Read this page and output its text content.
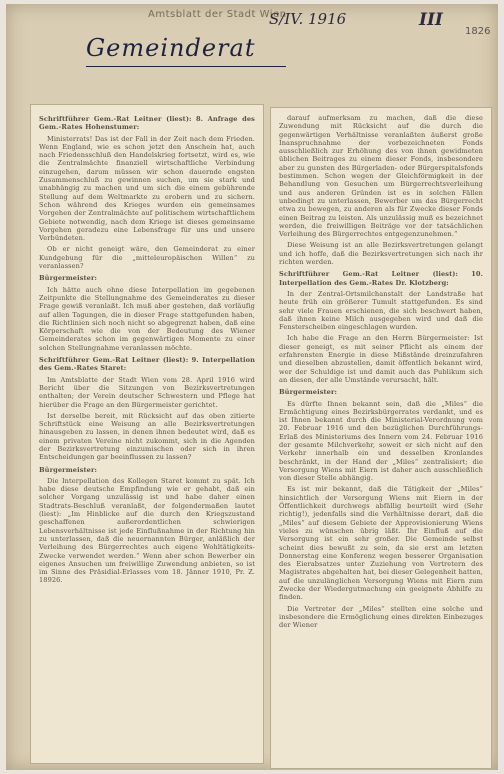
Amtsblatt der Stadt Wien
S/IV. 1916	III
1826
Gemeinderat

Schriftführer Gem.-Rat Leitner (liest): 8. Anfrage des Gem.-Rates Hohenstumer:

Ministerrats! Das ist der Fall in der Zeit nach dem Frieden. Wenn England, wie es schon jetzt den Anschein hat, auch nach Friedensschluß den Handelskrieg fortsetzt, wird es, wie die Zentralmächte finanziell wirtschaftliche Verbindung einzugehen, darum müssen wir schon dauernde engsten Zusammenschluß zu gewinnen suchen, um sie stark und unabhängig zu machen und um sich die einem gebührende Stellung auf dem Weltmarkte zu erobern und zu sichern. Schon während des Krieges wurden ein gemeinsames Vorgehen der Zentralmächte auf politischem wirtschaftlichem Gebiete notwendig, nach dem Kriege ist dieses gemeinsame Vorgehen geradezu eine Lebensfrage für uns und unsere Verbündeten.

Ob er nicht geneigt wäre, den Gemeinderat zu einer Kundgebung für die „mitteleuropäischen Willen“ zu veranlassen?

Bürgermeister:

Ich hätte auch ohne diese Interpellation im gegebenen Zeitpunkte die Stellungnahme des Gemeinderates zu dieser Frage gewiß veranlaßt. Ich muß aber gestehen, daß vorläufig auf allen Tagungen, die in dieser Frage stattgefunden haben, die Richtlinien sich noch nicht so abgegrenzt haben, daß eine Körperschaft wie die von der Bedeutung des Wiener Gemeinderates schon im gegenwärtigen Momente zu einer solchen Stellungnahme veranlassen möchte.

Schriftführer Gem.-Rat Leitner (liest): 9. Interpellation des Gem.-Rates Staret:

Im Amtsblatte der Stadt Wien vom 28. April 1916 wird Bericht über die Sitzungen von Bezirksvertretungen enthalten; der Verein deutscher Schwestern und Pflege hat hierüber die Frage an den Bürgermeister gerichtet.

Ist derselbe bereit, mit Rücksicht auf das oben zitierte Schriftstück eine Weisung an alle Bezirksvertretungen hinausgeben zu lassen, in denen ihnen bedeutet wird, daß es einem privaten Vereine nicht zukommt, sich in die Agenden der Bezirksvertretung einzumischen oder sich in ihren Entscheidungen gar beeinflussen zu lassen?

Bürgermeister:

Die Interpellation des Kollegen Staret kommt zu spät. Ich habe diese deutsche Empfindung wie er gehabt, daß ein solcher Vorgang unzulässig ist und habe daher einen Stadtrats-Beschluß veranlaßt, der folgendermaßen lautet (liest): „Im Hinblicke auf die durch den Kriegszustand geschaffenen außerordentlichen schwierigen Lebensverhältnisse ist jede Einflußnahme in der Richtung hin zu unterlassen, daß die neuernannten Bürger, anläßlich der Verleihung des Bürgerrechtes auch eigene Wohltätigkeits-Zwecke verwendet werden.“ Wenn aber schon Bewerber ein eigenes Ansuchen um freiwillige Zuwendung anbieten, so ist im Sinne des Präsidial-Erlasses vom 18. Jänner 1910, Pr. Z. 18926.

darauf aufmerksam zu machen, daß die diese Zuwendung mit Rücksicht auf die durch die gegenwärtigen Verhältnisse veranlaßten äußerst große Inanspruchnahme der vorbezeichneten Fonds ausschließlich zur Erhöhung des von ihnen gewidmeten üblichen Beitrages zu einem dieser Fonds, insbesondere aber zu gunsten des Bürgerladen- oder Bürgerspitalsfonds bestimmen. Schon wegen der Gleichförmigkeit in der Behandlung von Gesuchen um Bürgerrechtsverleihung und aus anderen Gründen ist es in solchen Fällen unbedingt zu unterlassen, Bewerber um das Bürgerrecht etwa zu bewegen, zu anderen als für Zwecke dieser Fonds einen Beitrag zu leisten. Als unzulässig muß es bezeichnet werden, die freiwilligen Beiträge vor der tatsächlichen Verleihung des Bürgerrechtes entgegenzunehmen.“

Diese Weisung ist an alle Bezirksvertretungen gelangt und ich hoffe, daß die Bezirksvertretungen sich nach ihr richten werden.

Schriftführer Gem.-Rat Leitner (liest): 10. Interpellation des Gem.-Rates Dr. Klotzberg:

In der Zentral-Ortsmilchanstalt der Landstraße hat heute früh ein größerer Tumult stattgefunden. Es sind sehr viele Frauen erschienen, die sich beschwert haben, daß ihnen keine Milch ausgegeben wird und daß die Fensterscheiben eingeschlagen wurden.

Ich habe die Frage an den Herrn Bürgermeister: Ist dieser geneigt, es mit seiner Pflicht als einem der erfahrensten Energie in diese Mißstände dreinzufahren und dieselben abzustellen, damit öffentlich bekannt wird, wer der Schuldige ist und damit auch das Publikum sich an diesen, der alle Umstände verursacht, hält.

Bürgermeister:

Es dürfte Ihnen bekannt sein, daß die „Miles“ die Ermächtigung eines Bezirksbürgerrates verdankt, und es ist Ihnen bekannt durch die Ministerial-Verordnung vom 20. Februar 1916 und den bezüglichen Durchführungs-Erlaß des Ministeriums des Innern vom 24. Februar 1916 der gesamte Milchverkehr, soweit er sich nicht auf den Verkehr innerhalb ein und desselben Kronlandes beschränkt, in der Hand der „Miles“ zentralisiert; die Versorgung Wiens mit Eiern ist daher auch ausschließlich von dieser Stelle abhängig.

Es ist mir bekannt, daß die Tätigkeit der „Miles“ hinsichtlich der Versorgung Wiens mit Eiern in der Öffentlichkeit durchwegs abfällig beurteilt wird (Sehr richtig!), jedenfalls sind die Verhältnisse derart, daß die „Miles“ auf diesem Gebiete der Approvisionierung Wiens vieles zu wünschen übrig läßt. Ihr Einfluß auf die Versorgung ist ein sehr großer. Die Gemeinde selbst scheint dies bewußt zu sein, da sie erst am letzten Donnerstag eine Konferenz wegen besserer Organisation des Eierabsatzes unter Zuziehung von Vertretern des Magistrates abgehalten hat, bei dieser Gelegenheit hatten, auf die unzulänglichen Versorgung Wiens mit Eiern zum Zwecke der Wiedergutmachung ein geeignete Abhilfe zu finden.

Die Vertreter der „Miles“ stellten eine solche und insbesondere die Ermöglichung eines direkten Einbezuges der Wiener
